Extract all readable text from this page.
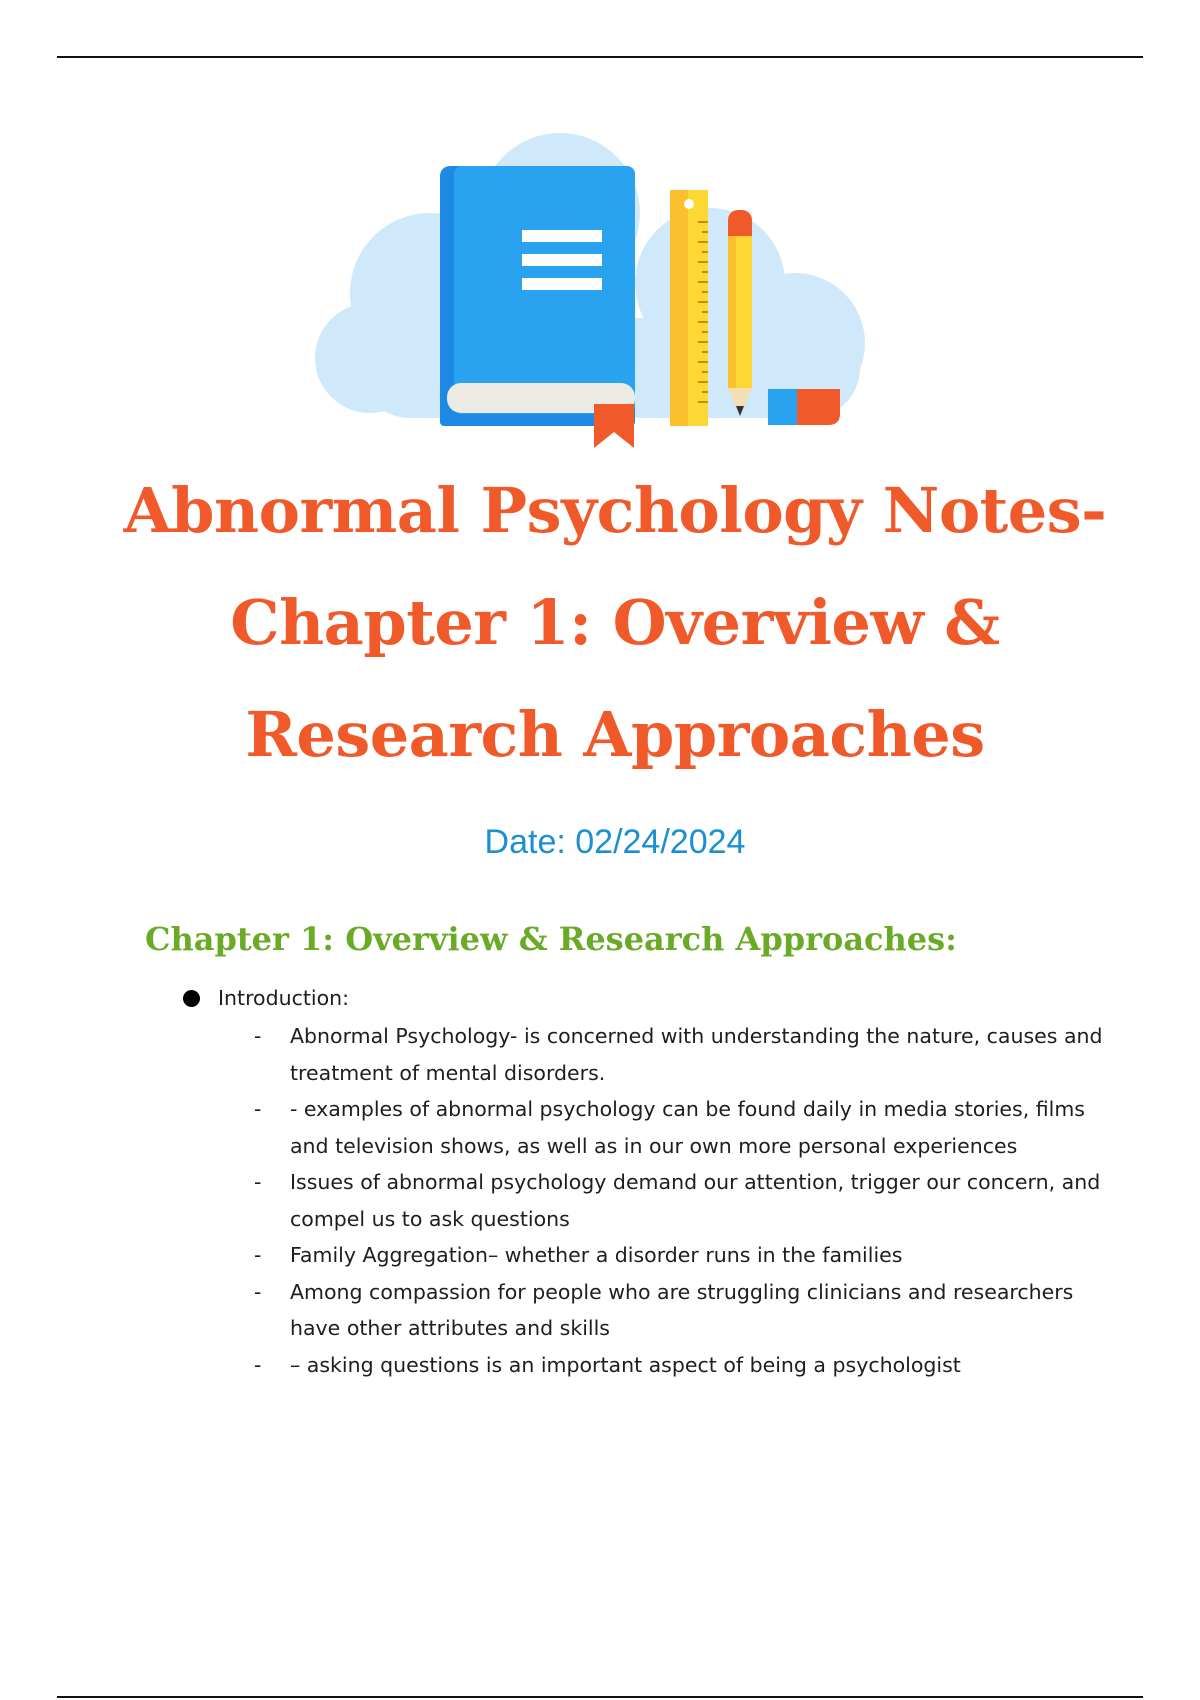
Abnormal Psychology Notes- Chapter 1: Overview & Research Approaches
Date: 02/24/2024
Chapter 1: Overview & Research Approaches:
Introduction:
- Abnormal Psychology- is concerned with understanding the nature, causes and treatment of mental disorders.
- - examples of abnormal psychology can be found daily in media stories, films and television shows, as well as in our own more personal experiences
- Issues of abnormal psychology demand our attention, trigger our concern, and compel us to ask questions
- Family Aggregation– whether a disorder runs in the families
- Among compassion for people who are struggling clinicians and researchers have other attributes and skills
- – asking questions is an important aspect of being a psychologist
